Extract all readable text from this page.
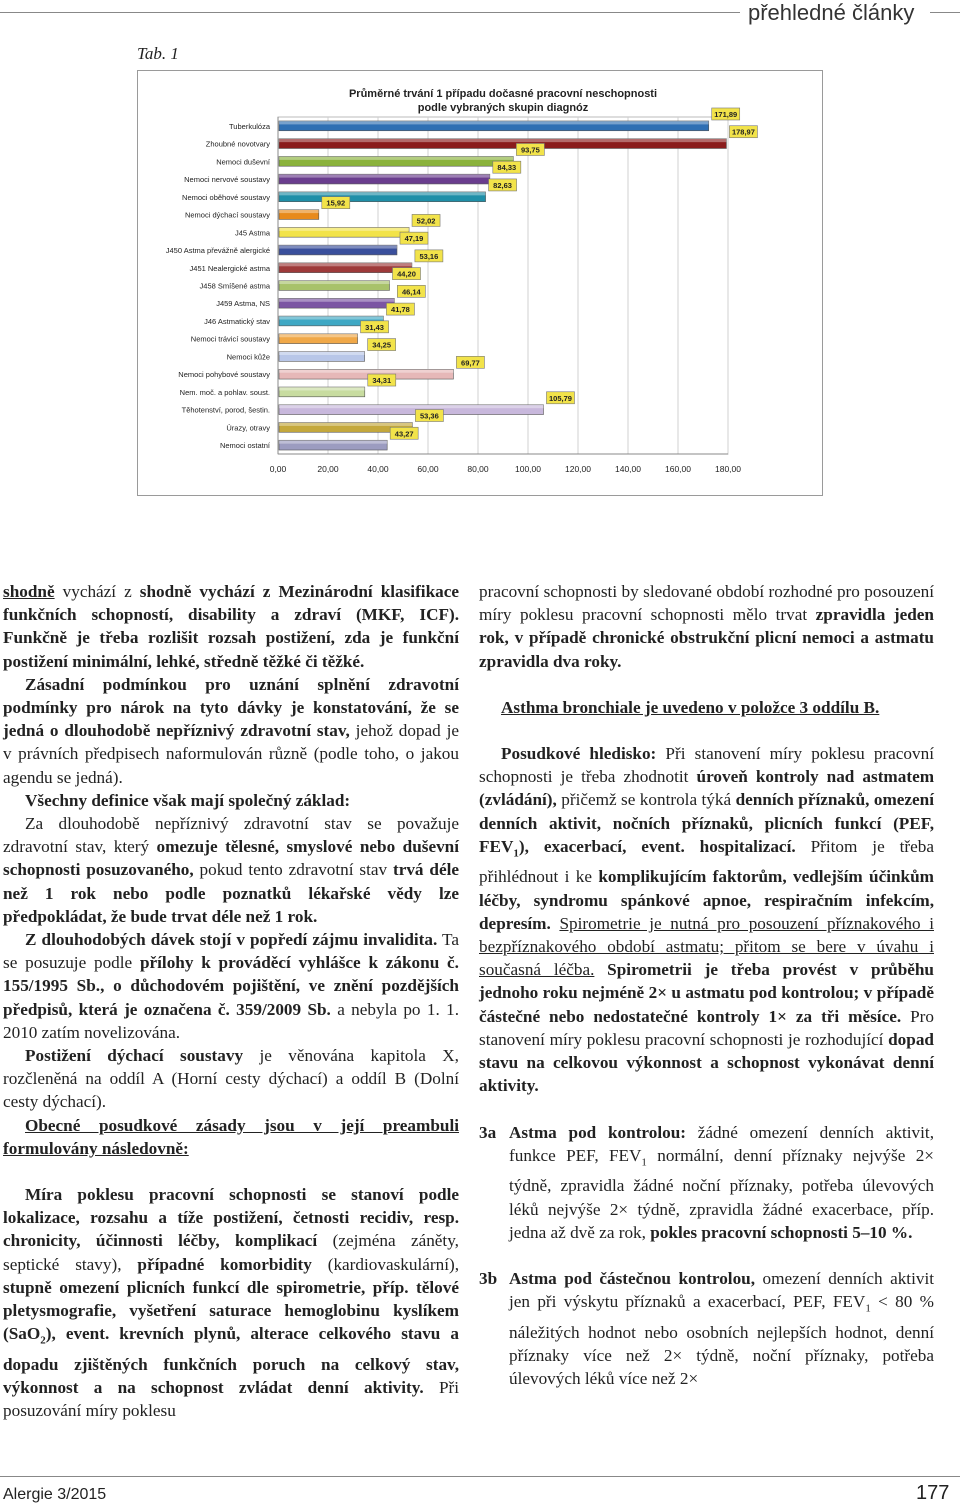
přehledné články
Tab. 1
Průměrné trvání 1 případu dočasné pracovní neschopnosti
podle vybraných skupin diagnóz
0,00	20,00	40,00	60,00	80,00	100,00	120,00	140,00	160,00	180,00
Tuberkulóza
171,89
Zhoubné novotvary
178,97
Nemoci duševní
93,75
Nemoci nervové soustavy
84,33
Nemoci oběhové soustavy
82,63
Nemoci dýchací soustavy
15,92
J45 Astma
52,02
J450 Astma převážně alergické
47,19
J451 Nealergické astma
53,16
J458 Smíšené astma
44,20
J459 Astma, NS
46,14
J46 Astmatický stav
41,78
Nemoci trávicí soustavy
31,43
Nemoci kůže
34,25
Nemoci pohybové soustavy
69,77
Nem. moč. a pohlav. soust.
34,31
Těhotenství, porod, šestin.
105,79
Úrazy, otravy
53,36
Nemoci ostatní
43,27

shodně vychází z shodně vychází z Mezinárodní klasifikace funkčních schopností, disability a zdraví (MKF, ICF). Funkčně je třeba rozlišit rozsah postižení, zda je funkční postižení minimální, lehké, středně těžké či těžké.

Zásadní podmínkou pro uznání splnění zdravotní podmínky pro nárok na tyto dávky je konstatování, že se jedná o dlouhodobě nepříznivý zdravotní stav, jehož dopad je v právních předpisech naformulován různě (podle toho, o jakou agendu se jedná).

Všechny definice však mají společný základ:

Za dlouhodobě nepříznivý zdravotní stav se považuje zdravotní stav, který omezuje tělesné, smyslové nebo duševní schopnosti posuzovaného, pokud tento zdravotní stav trvá déle než 1 rok nebo podle poznatků lékařské vědy lze předpokládat, že bude trvat déle než 1 rok.

Z dlouhodobých dávek stojí v popředí zájmu invalidita. Ta se posuzuje podle přílohy k prováděcí vyhlášce k zákonu č. 155/1995 Sb., o důchodovém pojištění, ve znění pozdějších předpisů, která je označena č. 359/2009 Sb. a nebyla po 1. 1. 2010 zatím novelizována.

Postižení dýchací soustavy je věnována kapitola X, rozčleněná na oddíl A (Horní cesty dýchací) a oddíl B (Dolní cesty dýchací).

Obecné posudkové zásady jsou v její preambuli formulovány následovně:

Míra poklesu pracovní schopnosti se stanoví podle lokalizace, rozsahu a tíže postižení, četnosti recidiv, resp. chronicity, účinnosti léčby, komplikací (zejména záněty, septické stavy), případné komorbidity (kardiovaskulární), stupně omezení plicních funkcí dle spirometrie, příp. tělové pletysmografie, vyšetření saturace hemoglobinu kyslíkem (SaO$_2$), event. krevních plynů, alterace celkového stavu a dopadu zjištěných funkčních poruch na celkový stav, výkonnost a na schopnost zvládat denní aktivity. Při posuzování míry poklesu

pracovní schopnosti by sledované období rozhodné pro posouzení míry poklesu pracovní schopnosti mělo trvat zpravidla jeden rok, v případě chronické obstrukční plicní nemoci a astmatu zpravidla dva roky.

Asthma bronchiale je uvedeno v položce 3 oddílu B.

Posudkové hledisko: Při stanovení míry poklesu pracovní schopnosti je třeba zhodnotit úroveň kontroly nad astmatem (zvládání), přičemž se kontrola týká denních příznaků, omezení denních aktivit, nočních příznaků, plicních funkcí (PEF, $FEV_1$), exacerbací, event. hospitalizací. Přitom je třeba přihlédnout i ke komplikujícím faktorům, vedlejším účinkům léčby, syndromu spánkové apnoe, respiračním infekcím, depresím. Spirometrie je nutná pro posouzení příznakového i bezpříznakového období astmatu; přitom se bere v úvahu i současná léčba. Spirometrii je třeba provést v průběhu jednoho roku nejméně 2× u astmatu pod kontrolou; v případě částečné nebo nedostatečné kontroly 1× za tři měsíce. Pro stanovení míry poklesu pracovní schopnosti je rozhodující dopad stavu na celkovou výkonnost a schopnost vykonávat denní aktivity.

3a Astma pod kontrolou: žádné omezení denních aktivit, funkce PEF, $FEV_1$ normální, denní příznaky nejvýše 2× týdně, zpravidla žádné noční příznaky, potřeba úlevových léků nejvýše 2× týdně, zpravidla žádné exacerbace, příp. jedna až dvě za rok, pokles pracovní schopnosti 5–10 %.
3b Astma pod částečnou kontrolou, omezení denních aktivit jen při výskytu příznaků a exacerbací, PEF, $FEV_1 < 80$ % náležitých hodnot nebo osobních nejlepších hodnot, denní příznaky více než 2× týdně, noční příznaky, potřeba úlevových léků více než 2×
Alergie 3/2015	177
